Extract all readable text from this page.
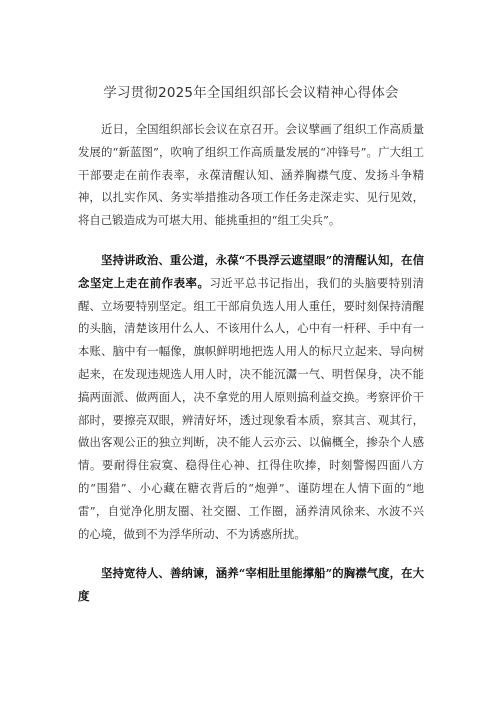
学习贯彻2025年全国组织部长会议精神心得体会

近日，全国组织部长会议在京召开。会议擘画了组织工作高质量发展的“新蓝图”，吹响了组织工作高质量发展的“冲锋号”。广大组工干部要走在前作表率，永葆清醒认知、涵养胸襟气度、发扬斗争精神，以扎实作风、务实举措推动各项工作任务走深走实、见行见效，将自己锻造成为可堪大用、能挑重担的“组工尖兵”。

坚持讲政治、重公道，永葆“不畏浮云遮望眼”的清醒认知，在信念坚定上走在前作表率。习近平总书记指出，我们的头脑要特别清醒、立场要特别坚定。组工干部肩负选人用人重任，要时刻保持清醒的头脑，清楚该用什么人、不该用什么人，心中有一杆秤、手中有一本账、脑中有一幅像，旗帜鲜明地把选人用人的标尺立起来、导向树起来，在发现违规选人用人时，决不能沉灊一气、明哲保身，决不能搞两面派、做两面人，决不拿党的用人原则搞利益交换。考察评价干部时，要擦亮双眼，辨清好坏，透过现象看本质，察其言、观其行，做出客观公正的独立判断，决不能人云亦云、以偏概全，掺杂个人感情。要耐得住寂寞、稳得住心神、扛得住吹捧，时刻警惕四面八方的“围猎”、小心藏在糖衣背后的“炮弹”、谨防埋在人情下面的“地雷”，自觉净化朋友圈、社交圈、工作圈，涵养清风徐来、水波不兴的心境，做到不为浮华所动、不为诱惑所扰。

坚持宽待人、善纳谏，涵养“宰相肚里能撑船”的胸襟气度，在大度
